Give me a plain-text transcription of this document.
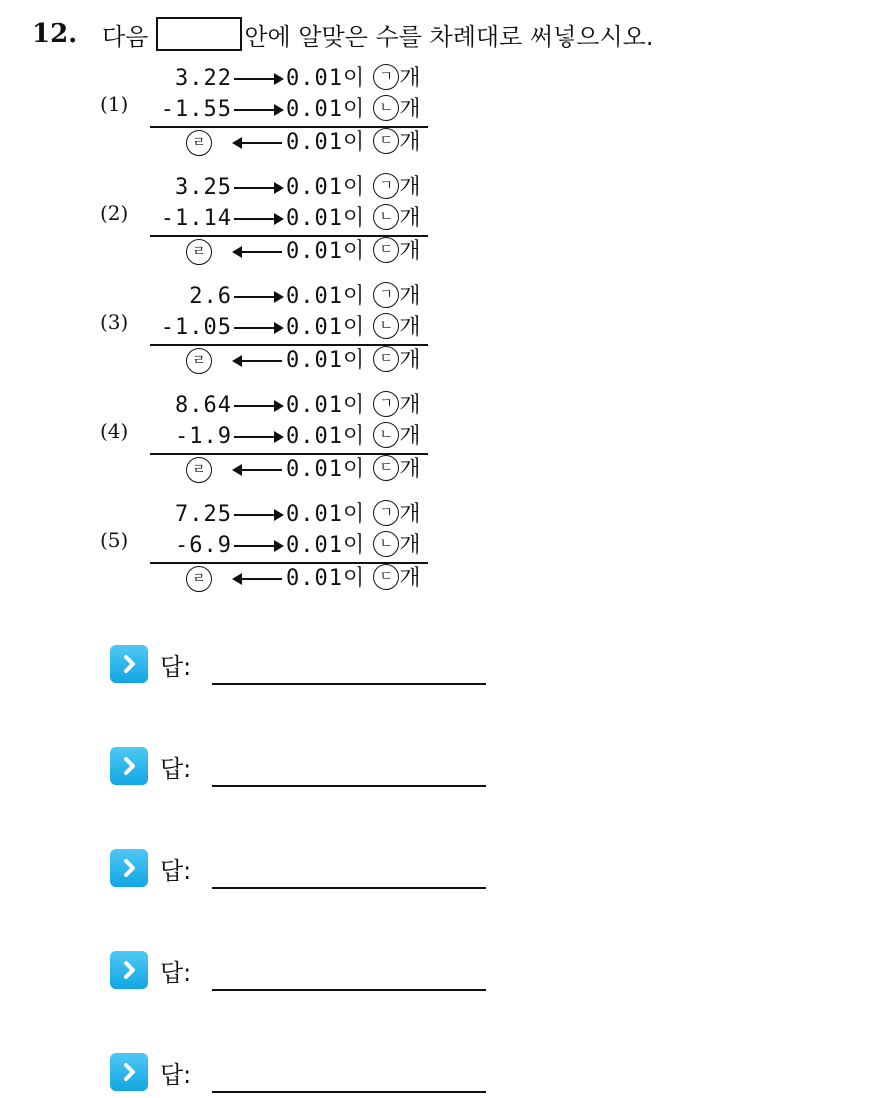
12.	다음	안에 알맞은 수를 차례대로 써넣으시오.
(1)
3.22 0.01이 ㄱ 개
-1.55 0.01이 ㄴ 개
ㄹ	0.01이 ㄷ 개
(2)
3.25 0.01이 ㄱ 개
-1.14 0.01이 ㄴ 개
ㄹ	0.01이 ㄷ 개
(3)
2.6 0.01이 ㄱ 개
-1.05 0.01이 ㄴ 개
ㄹ	0.01이 ㄷ 개
(4)
8.64 0.01이 ㄱ 개
-1.9 0.01이 ㄴ 개
ㄹ	0.01이 ㄷ 개
(5)
7.25 0.01이 ㄱ 개
-6.9 0.01이 ㄴ 개
ㄹ	0.01이 ㄷ 개
답:
답:
답:
답:
답:
